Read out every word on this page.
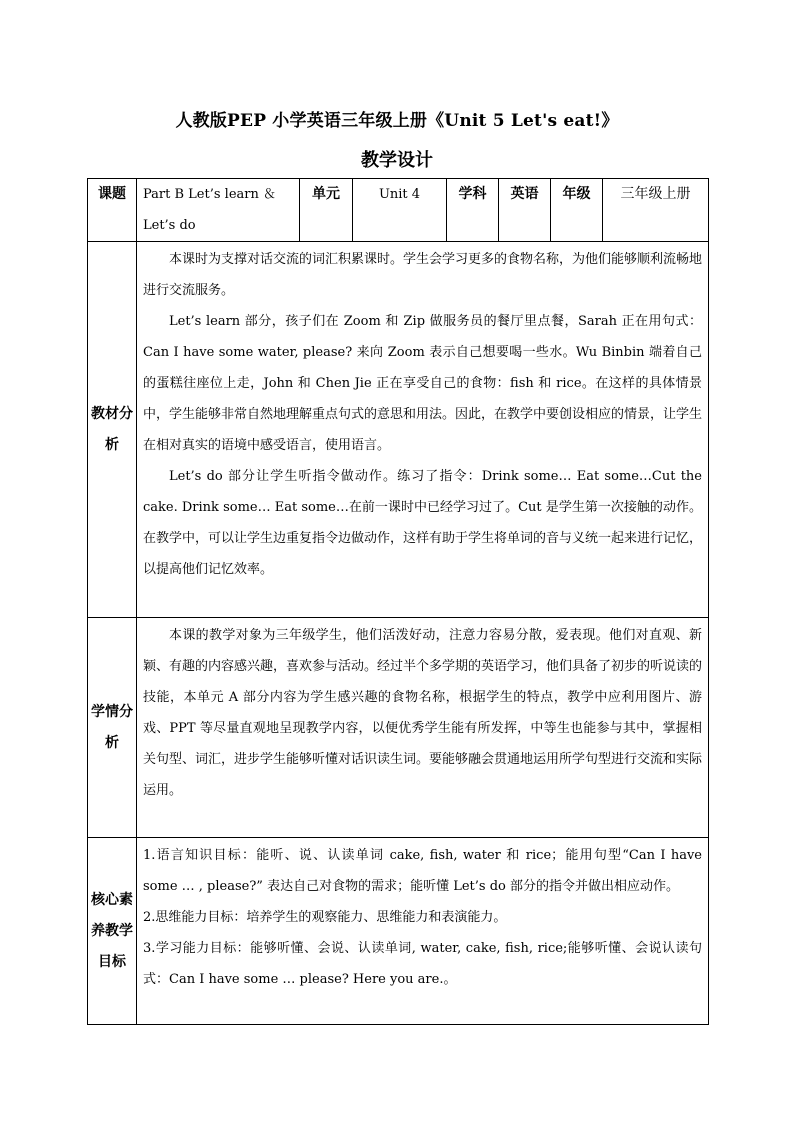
人教版PEP 小学英语三年级上册《Unit 5 Let's eat!》
教学设计
课题	Part B Let’s learn ＆ Let’s do	单元	Unit 4	学科	英语	年级	三年级上册
教材分析	本课时为支撑对话交流的词汇积累课时。学生会学习更多的食物名称，为他们能够顺利流畅地进行交流服务。

Let’s learn 部分，孩子们在 Zoom 和 Zip 做服务员的餐厅里点餐，Sarah 正在用句式：Can I have some water, please? 来向 Zoom 表示自己想要喝一些水。Wu Binbin 端着自己的蛋糕往座位上走，John 和 Chen Jie 正在享受自己的食物：fish 和 rice。在这样的具体情景中，学生能够非常自然地理解重点句式的意思和用法。因此，在教学中要创设相应的情景，让学生在相对真实的语境中感受语言，使用语言。

Let’s do 部分让学生听指令做动作。练习了指令：Drink some… Eat some…Cut the cake. Drink some… Eat some…在前一课时中已经学习过了。Cut 是学生第一次接触的动作。在教学中，可以让学生边重复指令边做动作，这样有助于学生将单词的音与义统一起来进行记忆，以提高他们记忆效率。						

学情分析	本课的教学对象为三年级学生，他们活泼好动，注意力容易分散，爱表现。他们对直观、新颖、有趣的内容感兴趣，喜欢参与活动。经过半个多学期的英语学习，他们具备了初步的听说读的技能，本单元 A 部分内容为学生感兴趣的食物名称，根据学生的特点，教学中应利用图片、游戏、PPT 等尽量直观地呈现教学内容，以便优秀学生能有所发挥，中等生也能参与其中，掌握相关句型、词汇，进步学生能够听懂对话识读生词。要能够融会贯通地运用所学句型进行交流和实际运用。						

核心素养教学目标	1.语言知识目标：能听、说、认读单词 cake, fish, water 和 rice；能用句型“Can I have some … , please?” 表达自己对食物的需求；能听懂 Let’s do 部分的指令并做出相应动作。

2.思维能力目标：培养学生的观察能力、思维能力和表演能力。

3.学习能力目标：能够听懂、会说、认读单词, water, cake, fish, rice;能够听懂、会说认读句式：Can I have some … please? Here you are.。						
